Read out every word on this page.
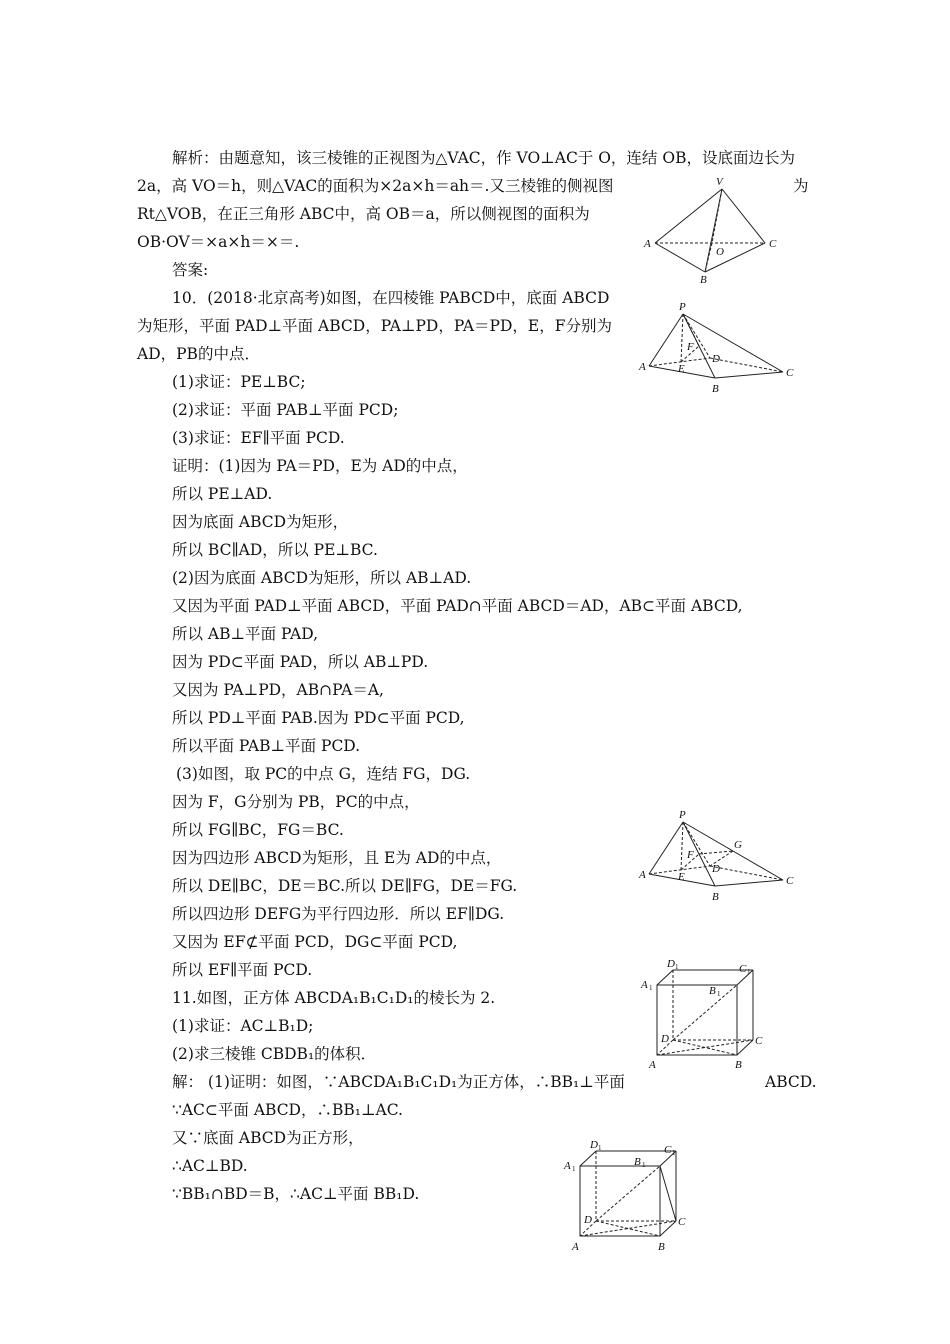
解析：由题意知，该三棱锥的正视图为△VAC，作 VO⊥AC于 O，连结 OB，设底面边长为
2a，高 VO＝h，则△VAC的面积为×2a×h＝ah＝.又三棱锥的侧视图	为
Rt△VOB，在正三角形 ABC中，高 OB＝a，所以侧视图的面积为
OB·OV＝×a×h＝×＝.
答案:
10．(2018·北京高考)如图，在四棱锥 PABCD中，底面 ABCD
为矩形，平面 PAD⊥平面 ABCD，PA⊥PD，PA＝PD，E，F分别为
AD，PB的中点．
(1)求证：PE⊥BC;
(2)求证：平面 PAB⊥平面 PCD;
(3)求证：EF∥平面 PCD.
证明：(1)因为 PA＝PD，E为 AD的中点，
所以 PE⊥AD.
因为底面 ABCD为矩形，
所以 BC∥AD，所以 PE⊥BC.
(2)因为底面 ABCD为矩形，所以 AB⊥AD.
又因为平面 PAD⊥平面 ABCD，平面 PAD∩平面 ABCD＝AD，AB⊂平面 ABCD,
所以 AB⊥平面 PAD,
因为 PD⊂平面 PAD，所以 AB⊥PD.
又因为 PA⊥PD，AB∩PA＝A,
所以 PD⊥平面 PAB.因为 PD⊂平面 PCD,
所以平面 PAB⊥平面 PCD.
(3)如图，取 PC的中点 G，连结 FG，DG.
因为 F，G分别为 PB，PC的中点，
所以 FG∥BC，FG＝BC.
因为四边形 ABCD为矩形，且 E为 AD的中点，
所以 DE∥BC，DE＝BC.所以 DE∥FG，DE＝FG.
所以四边形 DEFG为平行四边形．所以 EF∥DG.
又因为 EF⊄平面 PCD，DG⊂平面 PCD,
所以 EF∥平面 PCD.
11.如图，正方体 ABCDA₁B₁C₁D₁的棱长为 2.
(1)求证：AC⊥B₁D;
(2)求三棱锥 CBDB₁的体积．
解： (1)证明：如图，∵ABCDA₁B₁C₁D₁为正方体，∴BB₁⊥平面	ABCD.
∵AC⊂平面 ABCD，∴BB₁⊥AC.
又∵底面 ABCD为正方形，
∴AC⊥BD.
∵BB₁∩BD＝B，∴AC⊥平面 BB₁D.
V
A
O
C
B
P
F
D
A	E	C
B
P
G
F
D
A	E	C
B
D 1	C 1
A 1	B 1
D	C
A	B
D 1	C 1
A 1
B 1
D	C
A	B
